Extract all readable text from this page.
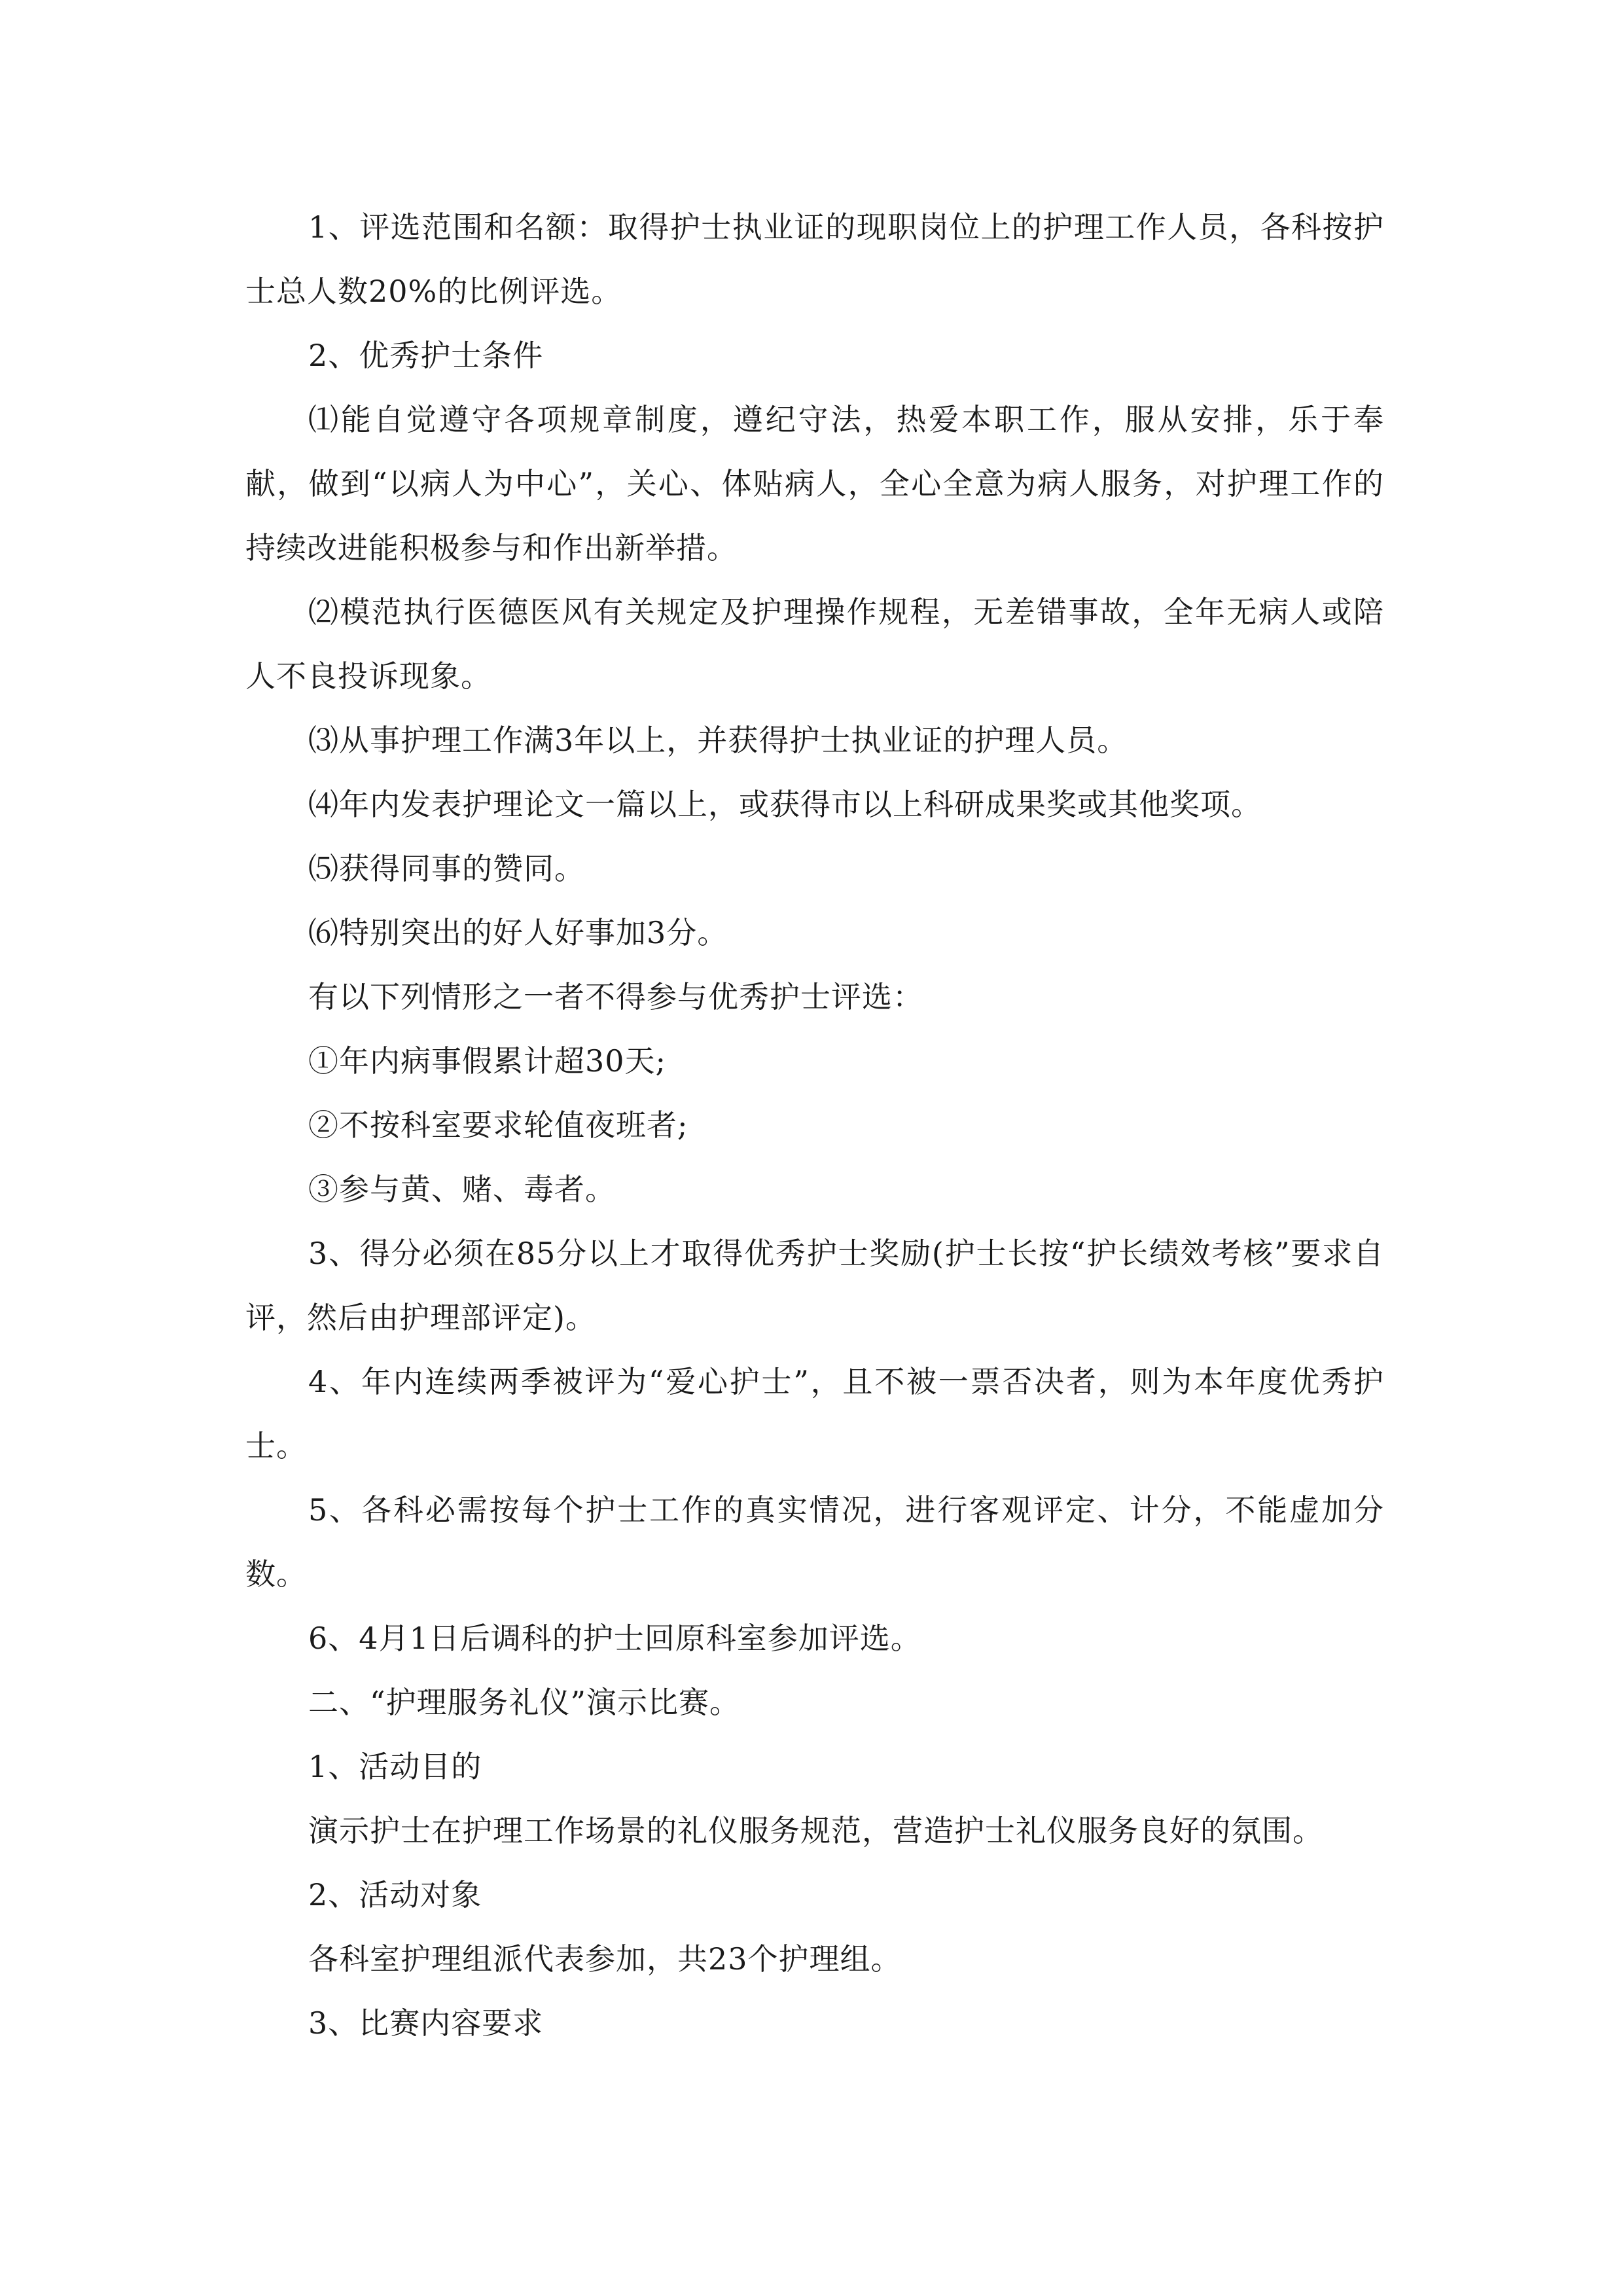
1、评选范围和名额：取得护士执业证的现职岗位上的护理工作人员，各科按护士总人数20%的比例评选。

2、优秀护士条件

⑴能自觉遵守各项规章制度，遵纪守法，热爱本职工作，服从安排，乐于奉献，做到“以病人为中心”，关心、体贴病人，全心全意为病人服务，对护理工作的持续改进能积极参与和作出新举措。

⑵模范执行医德医风有关规定及护理操作规程，无差错事故，全年无病人或陪人不良投诉现象。

⑶从事护理工作满3年以上，并获得护士执业证的护理人员。

⑷年内发表护理论文一篇以上，或获得市以上科研成果奖或其他奖项。

⑸获得同事的赞同。

⑹特别突出的好人好事加3分。

有以下列情形之一者不得参与优秀护士评选：

①年内病事假累计超30天;

②不按科室要求轮值夜班者;

③参与黄、赌、毒者。

3、得分必须在85分以上才取得优秀护士奖励(护士长按“护长绩效考核”要求自评，然后由护理部评定)。

4、年内连续两季被评为“爱心护士”，且不被一票否决者，则为本年度优秀护士。

5、各科必需按每个护士工作的真实情况，进行客观评定、计分，不能虚加分数。

6、4月1日后调科的护士回原科室参加评选。

二、“护理服务礼仪”演示比赛。

1、活动目的

演示护士在护理工作场景的礼仪服务规范，营造护士礼仪服务良好的氛围。

2、活动对象

各科室护理组派代表参加，共23个护理组。

3、比赛内容要求
